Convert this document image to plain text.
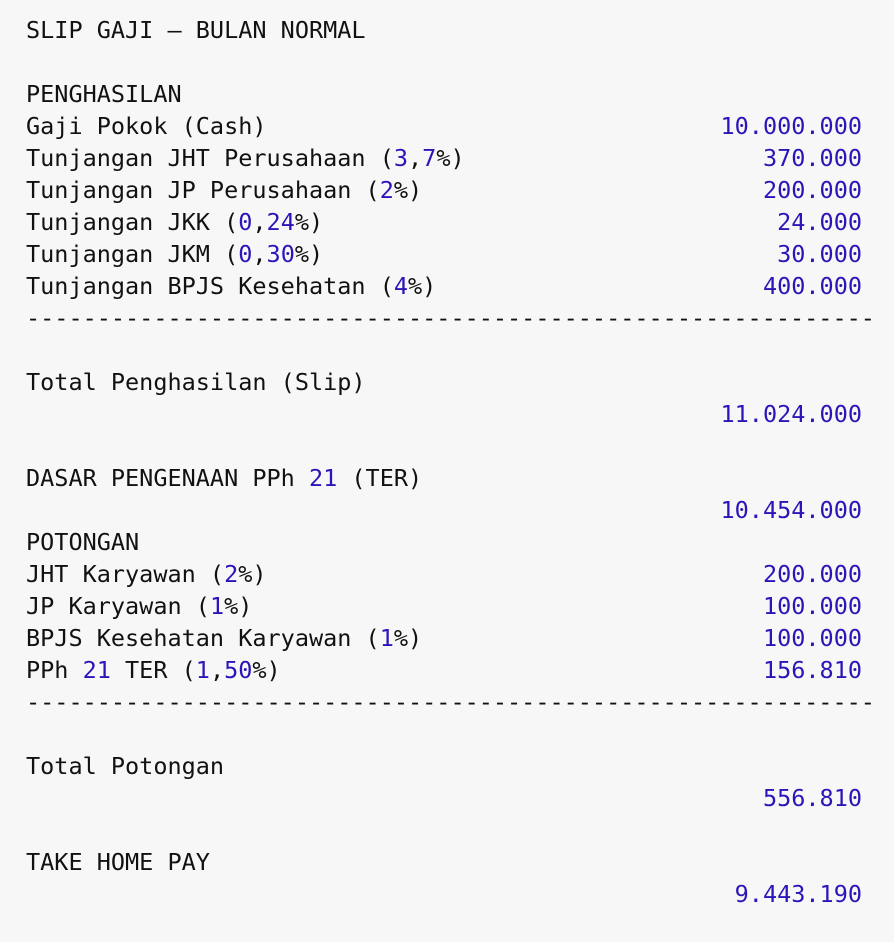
SLIP GAJI — BULAN NORMAL
PENGHASILAN
Gaji Pokok (Cash)	10.000.000
Tunjangan JHT Perusahaan (3,7%)	370.000
Tunjangan JP Perusahaan (2%)	200.000
Tunjangan JKK (0,24%)	24.000
Tunjangan JKM (0,30%)	30.000
Tunjangan BPJS Kesehatan (4%)	400.000
------------------------------------------------------------

Total Penghasilan (Slip)

11.024.000

DASAR PENGENAAN PPh 21 (TER)

10.454.000

POTONGAN
JHT Karyawan (2%)	200.000
JP Karyawan (1%)	100.000
BPJS Kesehatan Karyawan (1%)	100.000
PPh 21 TER (1,50%)	156.810
------------------------------------------------------------

Total Potongan

556.810

TAKE HOME PAY

9.443.190
